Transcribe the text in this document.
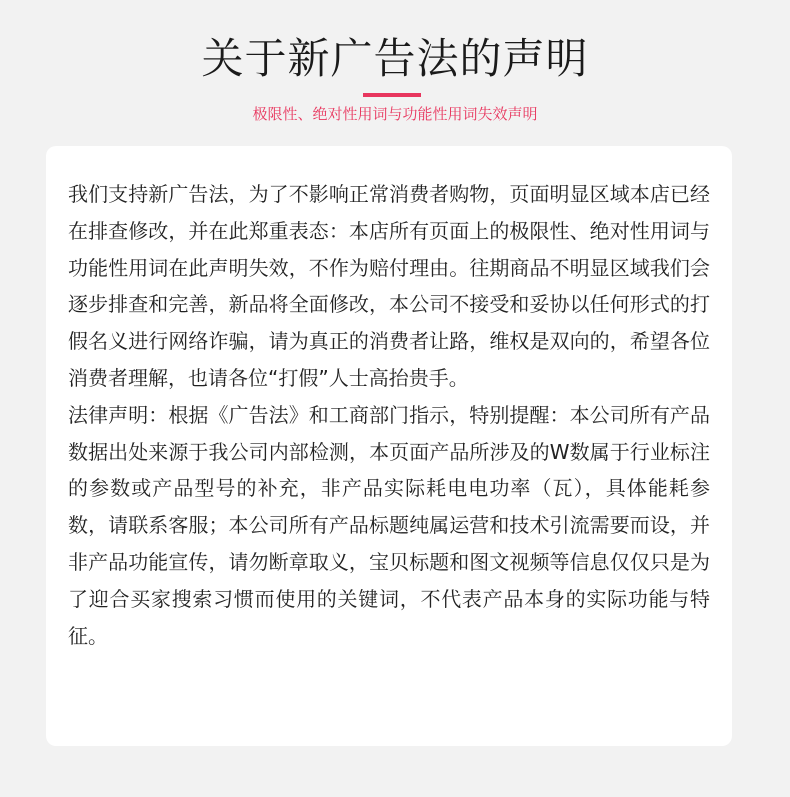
关于新广告法的声明
极限性、绝对性用词与功能性用词失效声明

我们支持新广告法，为了不影响正常消费者购物，页面明显区域本店已经在排查修改，并在此郑重表态：本店所有页面上的极限性、绝对性用词与功能性用词在此声明失效，不作为赔付理由。往期商品不明显区域我们会逐步排查和完善，新品将全面修改，本公司不接受和妥协以任何形式的打假名义进行网络诈骗，请为真正的消费者让路，维权是双向的，希望各位消费者理解，也请各位“打假”人士高抬贵手。

法律声明：根据《广告法》和工商部门指示，特别提醒：本公司所有产品数据出处来源于我公司内部检测，本页面产品所涉及的W数属于行业标注的参数或产品型号的补充，非产品实际耗电电功率（瓦），具体能耗参数，请联系客服；本公司所有产品标题纯属运营和技术引流需要而设，并非产品功能宣传，请勿断章取义，宝贝标题和图文视频等信息仅仅只是为了迎合买家搜索习惯而使用的关键词，不代表产品本身的实际功能与特征。
